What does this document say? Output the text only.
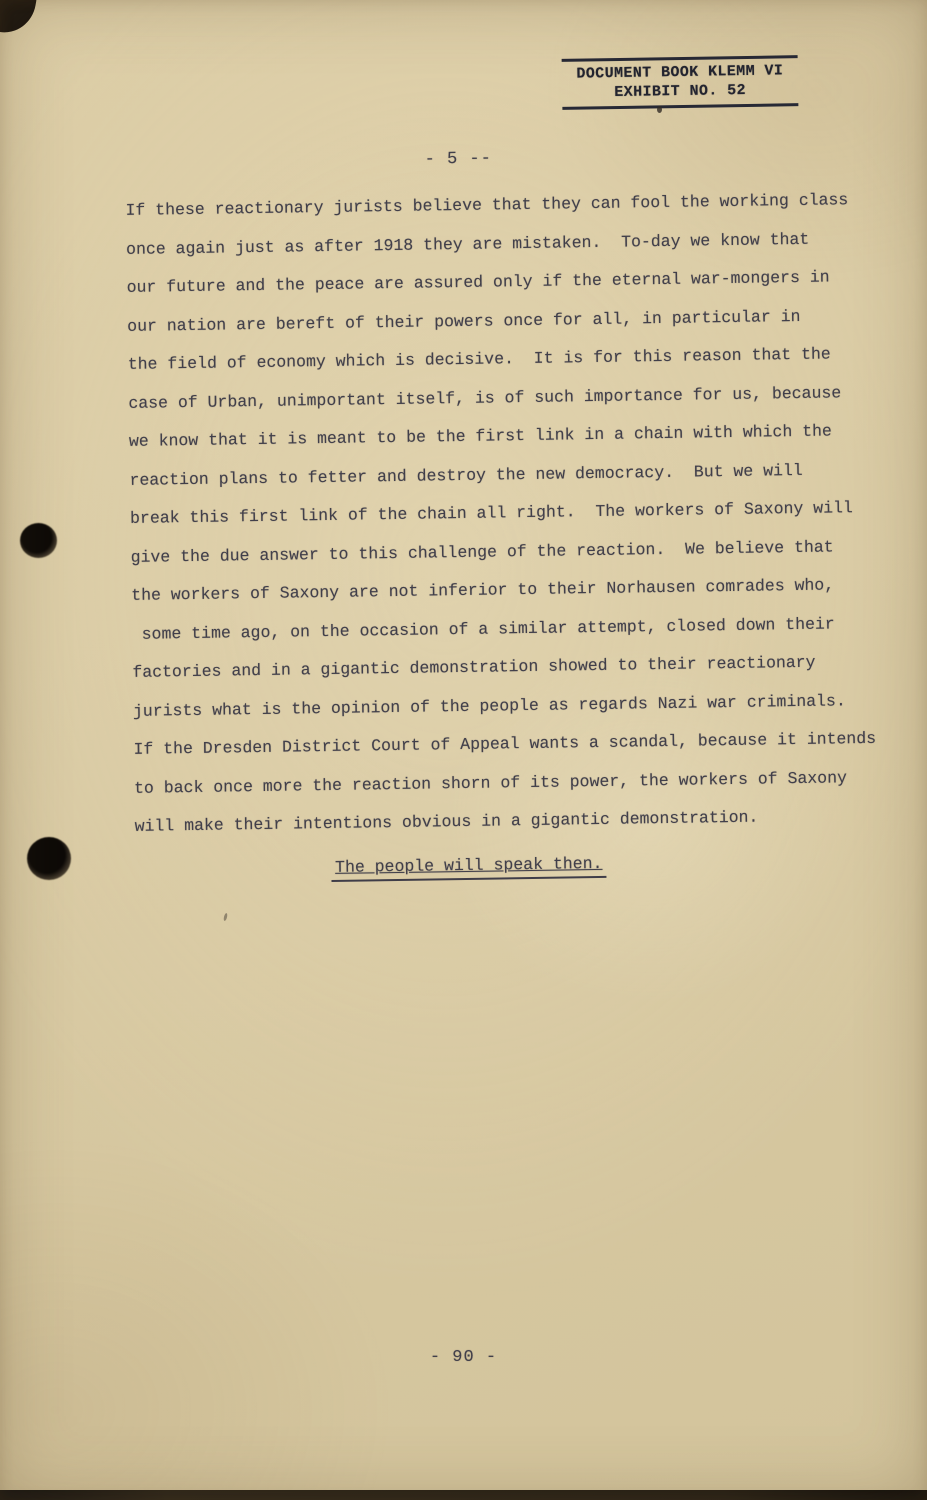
DOCUMENT BOOK KLEMM VI
EXHIBIT NO. 52
- 5 --
If these reactionary jurists believe that they can fool the working class
once again just as after 1918 they are mistaken.  To-day we know that
our future and the peace are assured only if the eternal war-mongers in
our nation are bereft of their powers once for all, in particular in
the field of economy which is decisive.  It is for this reason that the
case of Urban, unimportant itself, is of such importance for us, because
we know that it is meant to be the first link in a chain with which the
reaction plans to fetter and destroy the new democracy.  But we will
break this first link of the chain all right.  The workers of Saxony will
give the due answer to this challenge of the reaction.  We believe that
the workers of Saxony are not inferior to their Norhausen comrades who,
some time ago, on the occasion of a similar attempt, closed down their
factories and in a gigantic demonstration showed to their reactionary
jurists what is the opinion of the people as regards Nazi war criminals.
If the Dresden District Court of Appeal wants a scandal, because it intends
to back once more the reaction shorn of its power, the workers of Saxony
will make their intentions obvious in a gigantic demonstration.
The people will speak then.
- 90 -
